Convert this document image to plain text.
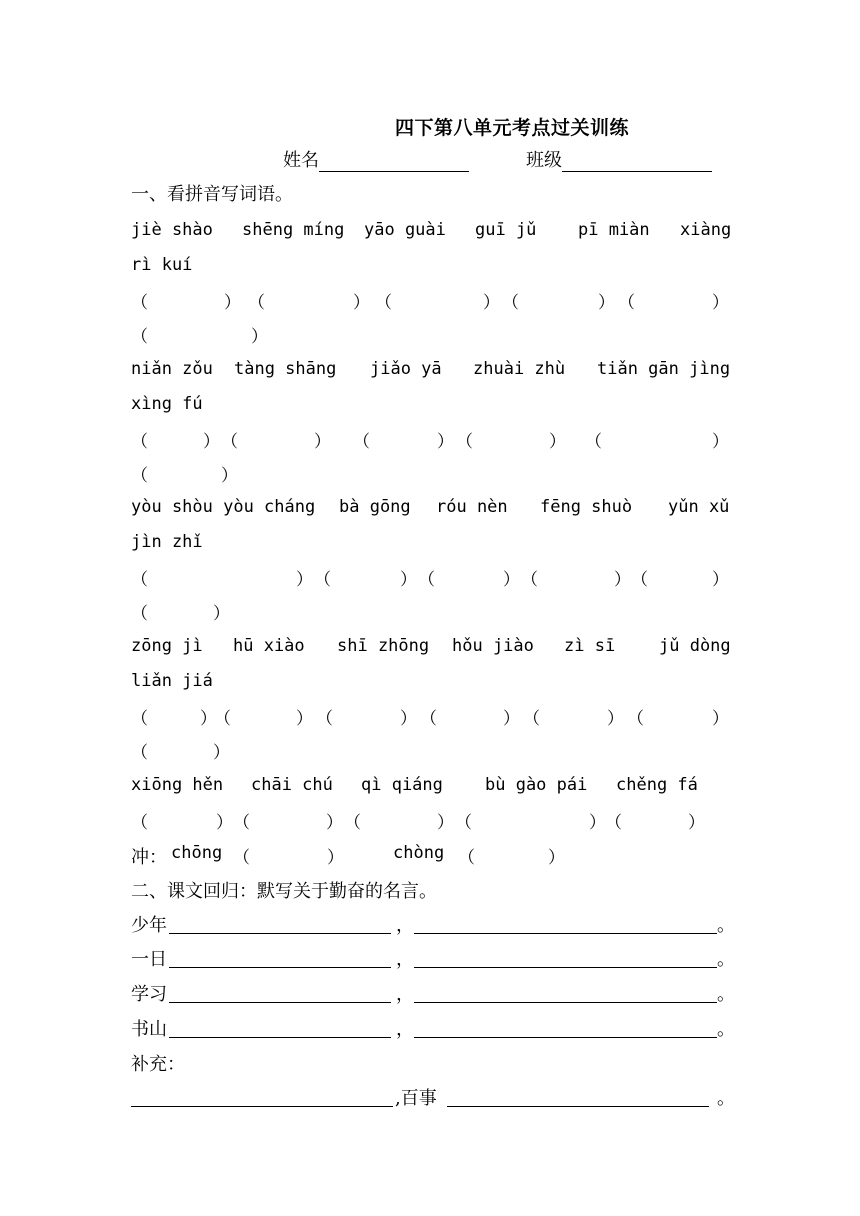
四下第八单元考点过关训练
姓名	班级
一、看拼音写词语。
jiè shào shēng míng yāo guài guī jǔ pī miàn xiàng
rì kuí
（	） （	） （	） （	） （	）
（	）
niǎn zǒu tàng shāng jiǎo yā zhuài zhù tiǎn gān jìng
xìng fú
（	） （	） （	） （	） （	）
（	）
yòu shòu yòu cháng bà gōng róu nèn fēng shuò yǔn xǔ
jìn zhǐ
（	） （	） （	） （	） （	）
（	）
zōng jì hū xiào shī zhōng hǒu jiào zì sī	jǔ dòng
liǎn jiá
（	）
（	） （	） （	） （	） （	）
（	）
xiōng hěn chāi chú qì qiáng bù gào pái chěng fá
（	） （	） （	） （	） （	）
冲： chōng （	）	chòng （	）
二、课文回归：默写关于勤奋的名言。
少年	，	。
一日	，	。
学习	，	。
书山	，	。
补充：
,百事	。
